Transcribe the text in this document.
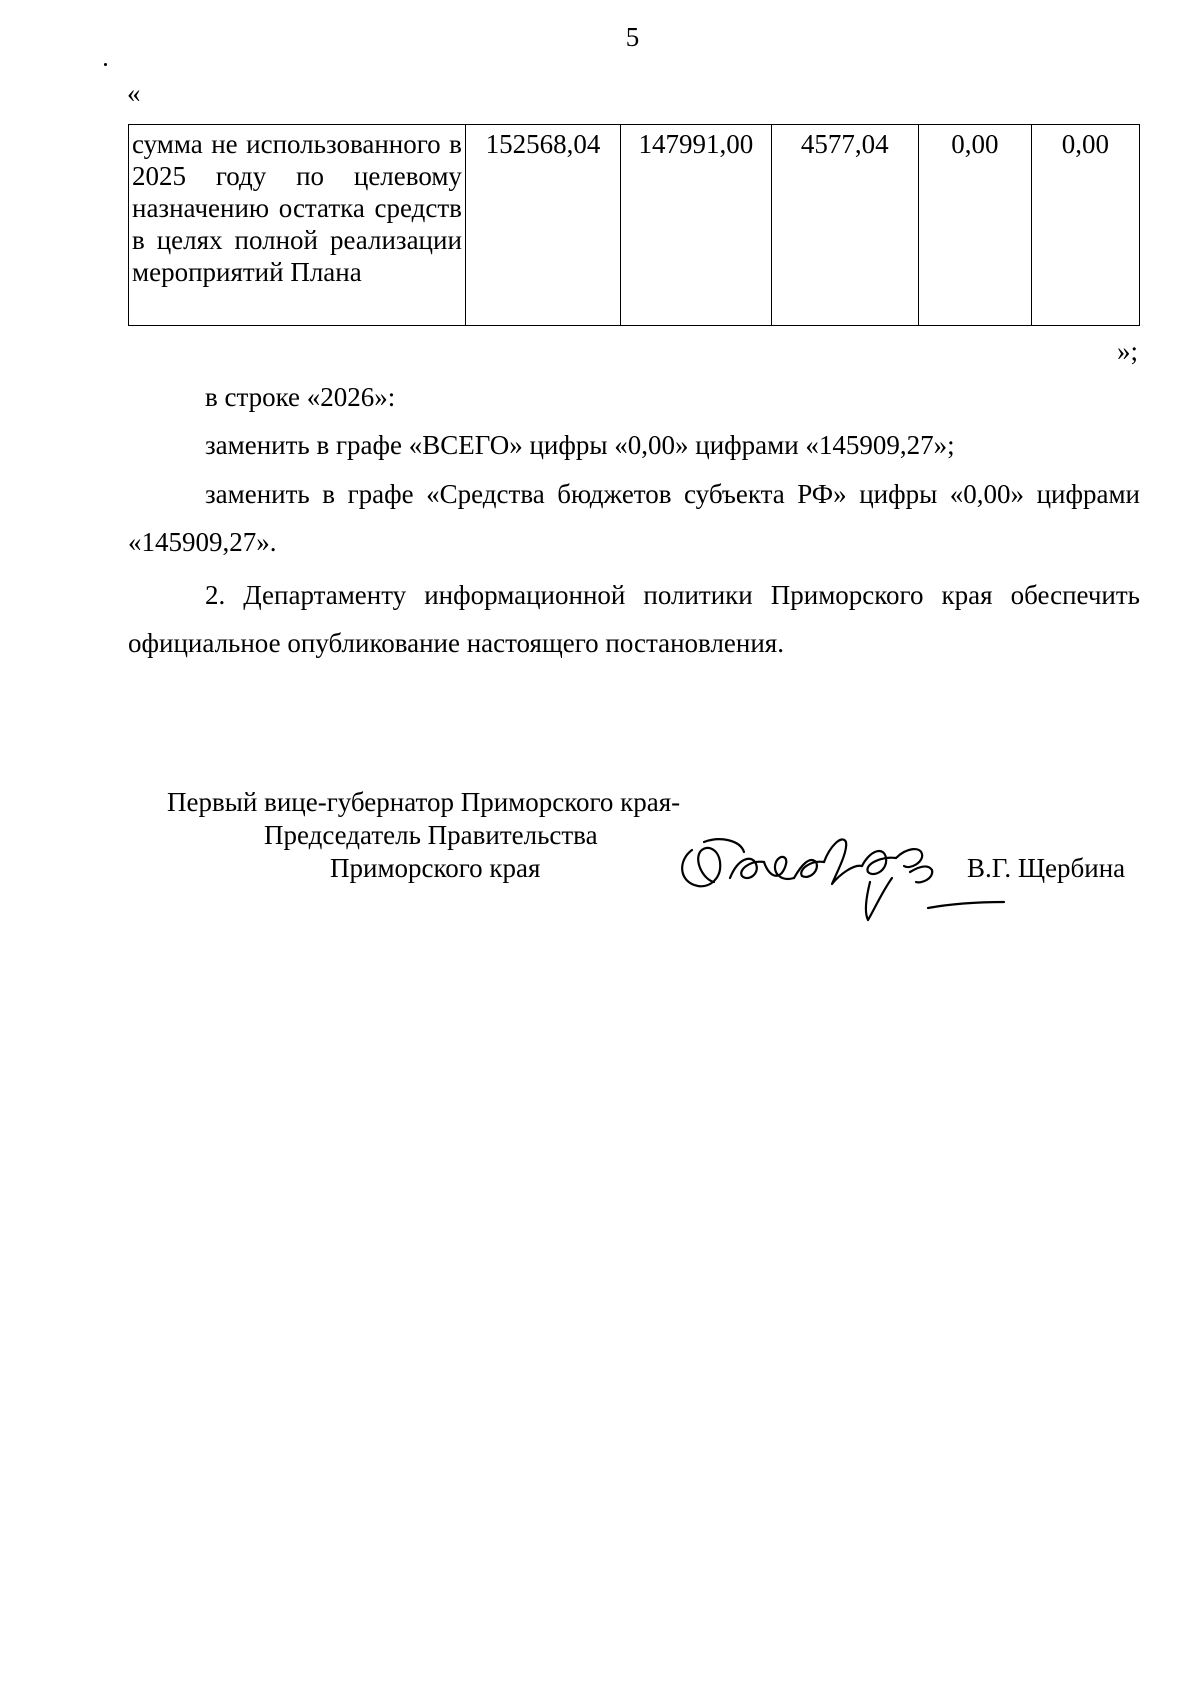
5
«
сумма не использованного в 2025 году по целевому назначению остатка средств в целях полной реализации мероприятий Плана	152568,04	147991,00	4577,04	0,00	0,00
»;
в строке «2026»:
заменить в графе «ВСЕГО» цифры «0,00» цифрами «145909,27»;
заменить в графе «Средства бюджетов субъекта РФ» цифры «0,00» цифрами «145909,27».
2. Департаменту информационной политики Приморского края обеспечить официальное опубликование настоящего постановления.
Первый вице-губернатор Приморского края-
Председатель Правительства
Приморского края	В.Г. Щербина
